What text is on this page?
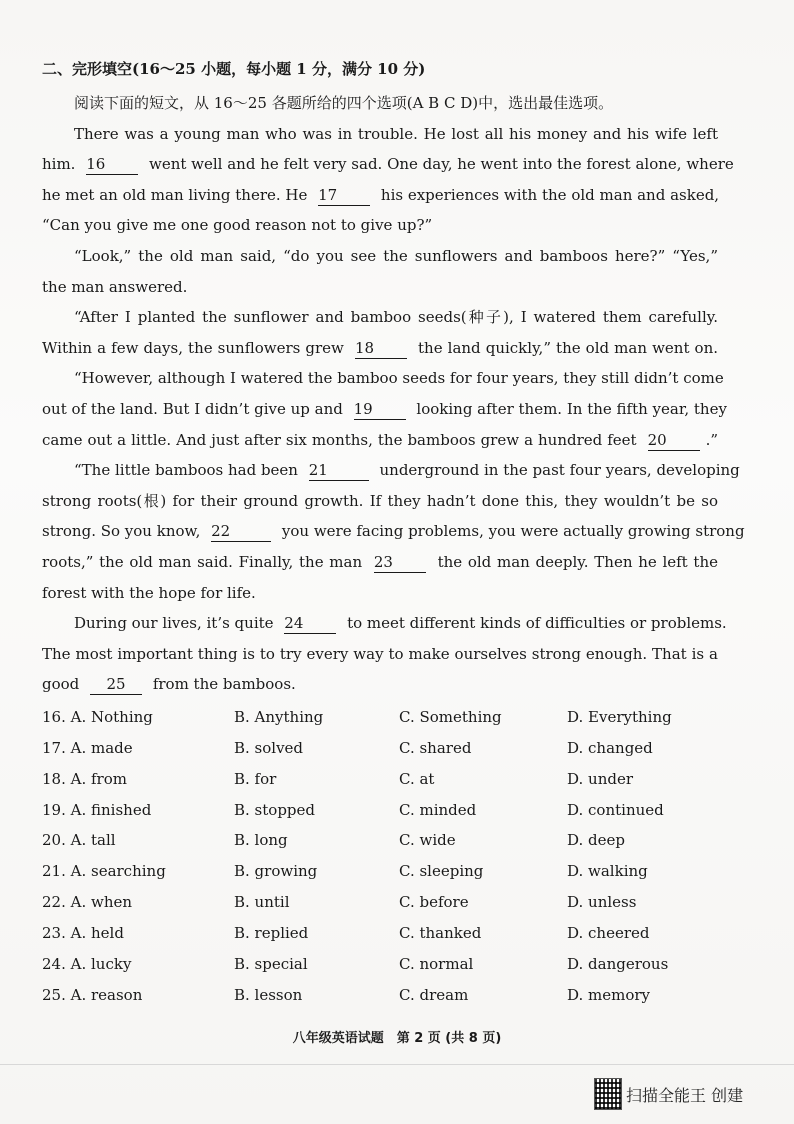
二、完形填空(16～25 小题，每小题 1 分，满分 10 分)
阅读下面的短文，从 16～25 各题所给的四个选项(A B C D)中，选出最佳选项。
There was a young man who was in trouble. He lost all his money and his wife left
him. 16	went well and he felt very sad. One day, he went into the forest alone, where
he met an old man living there. He 17	his experiences with the old man and asked,
“Can you give me one good reason not to give up?”
“Look,” the old man said, “do you see the sunflowers and bamboos here?” “Yes,”
the man answered.
“After I planted the sunflower and bamboo seeds(种子), I watered them carefully.
Within a few days, the sunflowers grew 18	the land quickly,” the old man went on.
“However, although I watered the bamboo seeds for four years, they still didn’t come
out of the land. But I didn’t give up and 19	looking after them. In the fifth year, they
came out a little. And just after six months, the bamboos grew a hundred feet 20	.”
“The little bamboos had been 21	underground in the past four years, developing
strong roots(根) for their ground growth. If they hadn’t done this, they wouldn’t be so
strong. So you know, 22	you were facing problems, you were actually growing strong
roots,” the old man said. Finally, the man 23	the old man deeply. Then he left the
forest with the hope for life.
During our lives, it’s quite 24	to meet different kinds of difficulties or problems.
The most important thing is to try every way to make ourselves strong enough. That is a
good 25 from the bamboos.
16. A. Nothing	B. Anything	C. Something	D. Everything
17. A. made	B. solved	C. shared	D. changed
18. A. from	B. for	C. at	D. under
19. A. finished	B. stopped	C. minded	D. continued
20. A. tall	B. long	C. wide	D. deep
21. A. searching	B. growing	C. sleeping	D. walking
22. A. when	B. until	C. before	D. unless
23. A. held	B. replied	C. thanked	D. cheered
24. A. lucky	B. special	C. normal	D. dangerous
25. A. reason	B. lesson	C. dream	D. memory
八年级英语试题　第 2 页 (共 8 页)
扫描全能王 创建
